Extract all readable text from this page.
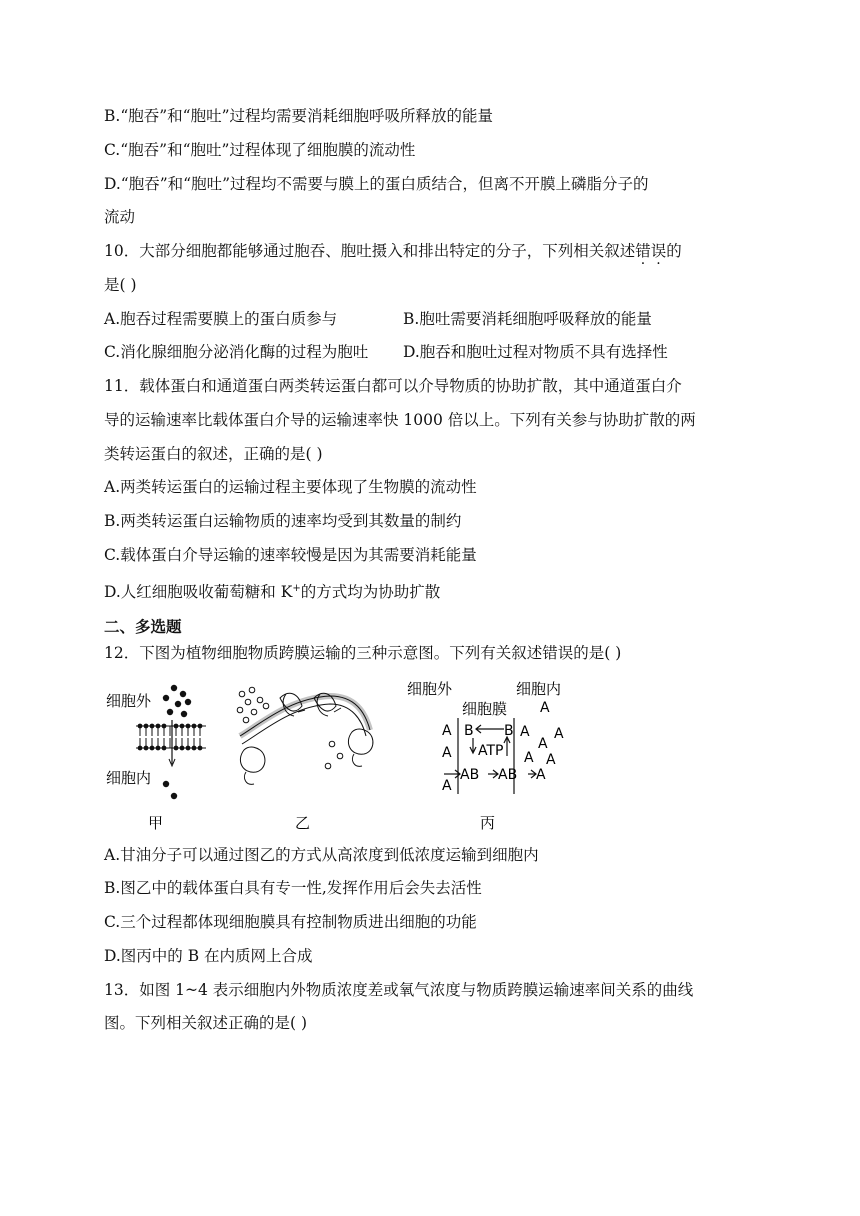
B.“胞吞”和“胞吐”过程均需要消耗细胞呼吸所释放的能量
C.“胞吞”和“胞吐”过程体现了细胞膜的流动性
D.“胞吞”和“胞吐”过程均不需要与膜上的蛋白质结合，但离不开膜上磷脂分子的
流动
10．大部分细胞都能够通过胞吞、胞吐摄入和排出特定的分子，下列相关叙述错误的
是( )
A.胞吞过程需要膜上的蛋白质参与	B.胞吐需要消耗细胞呼吸释放的能量
C.消化腺细胞分泌消化酶的过程为胞吐 D.胞吞和胞吐过程对物质不具有选择性
11．载体蛋白和通道蛋白两类转运蛋白都可以介导物质的协助扩散，其中通道蛋白介
导的运输速率比载体蛋白介导的运输速率快 1000 倍以上。下列有关参与协助扩散的两
类转运蛋白的叙述，正确的是( )
A.两类转运蛋白的运输过程主要体现了生物膜的流动性
B.两类转运蛋白运输物质的速率均受到其数量的制约
C.载体蛋白介导运输的速率较慢是因为其需要消耗能量
D.人红细胞吸收葡萄糖和 K+的方式均为协助扩散
二、多选题
12．下图为植物细胞物质跨膜运输的三种示意图。下列有关叙述错误的是( )
细胞外
细胞内
甲	乙
细胞外	细胞内
细胞膜
B B
ATP
AB AB
A
A
A
A
A
A
A
A A
A
丙
A.甘油分子可以通过图乙的方式从高浓度到低浓度运输到细胞内
B.图乙中的载体蛋白具有专一性,发挥作用后会失去活性
C.三个过程都体现细胞膜具有控制物质进出细胞的功能
D.图丙中的 B 在内质网上合成
13．如图 1~4 表示细胞内外物质浓度差或氧气浓度与物质跨膜运输速率间关系的曲线
图。下列相关叙述正确的是( )
